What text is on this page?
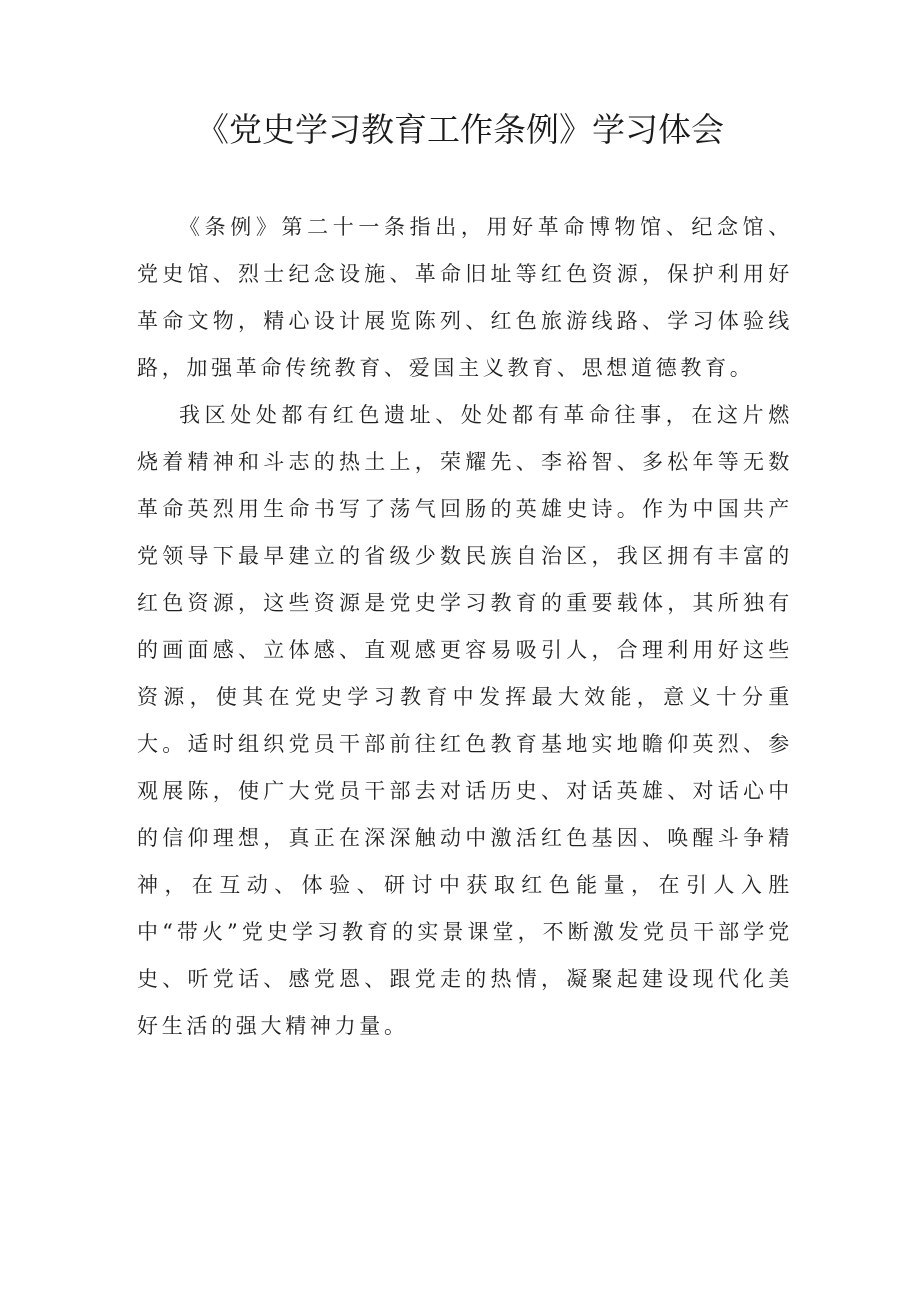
《党史学习教育工作条例》学习体会

《条例》第二十一条指出，用好革命博物馆、纪念馆、党史馆、烈士纪念设施、革命旧址等红色资源，保护利用好革命文物，精心设计展览陈列、红色旅游线路、学习体验线路，加强革命传统教育、爱国主义教育、思想道德教育。

我区处处都有红色遗址、处处都有革命往事，在这片燃烧着精神和斗志的热土上，荣耀先、李裕智、多松年等无数革命英烈用生命书写了荡气回肠的英雄史诗。作为中国共产党领导下最早建立的省级少数民族自治区，我区拥有丰富的红色资源，这些资源是党史学习教育的重要载体，其所独有的画面感、立体感、直观感更容易吸引人，合理利用好这些资源，使其在党史学习教育中发挥最大效能，意义十分重大。适时组织党员干部前往红色教育基地实地瞻仰英烈、参观展陈，使广大党员干部去对话历史、对话英雄、对话心中的信仰理想，真正在深深触动中激活红色基因、唤醒斗争精神，在互动、体验、研讨中获取红色能量，在引人入胜中“带火”党史学习教育的实景课堂，不断激发党员干部学党史、听党话、感党恩、跟党走的热情，凝聚起建设现代化美好生活的强大精神力量。
